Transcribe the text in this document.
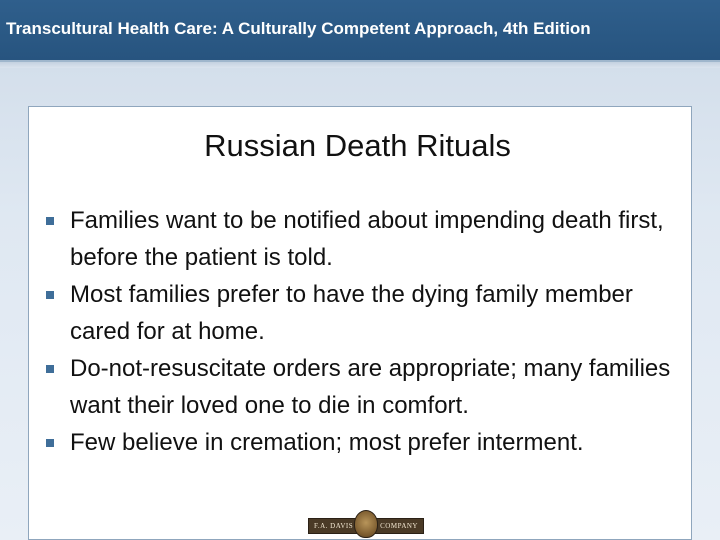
Transcultural Health Care: A Culturally Competent Approach, 4th Edition
Russian Death Rituals
Families want to be notified about impending death first, before the patient is told.
Most families prefer to have the dying family member cared for at home.
Do-not-resuscitate orders are appropriate; many families want their loved one to die in comfort.
Few believe in cremation; most prefer interment.
F.A. DAVIS	COMPANY
